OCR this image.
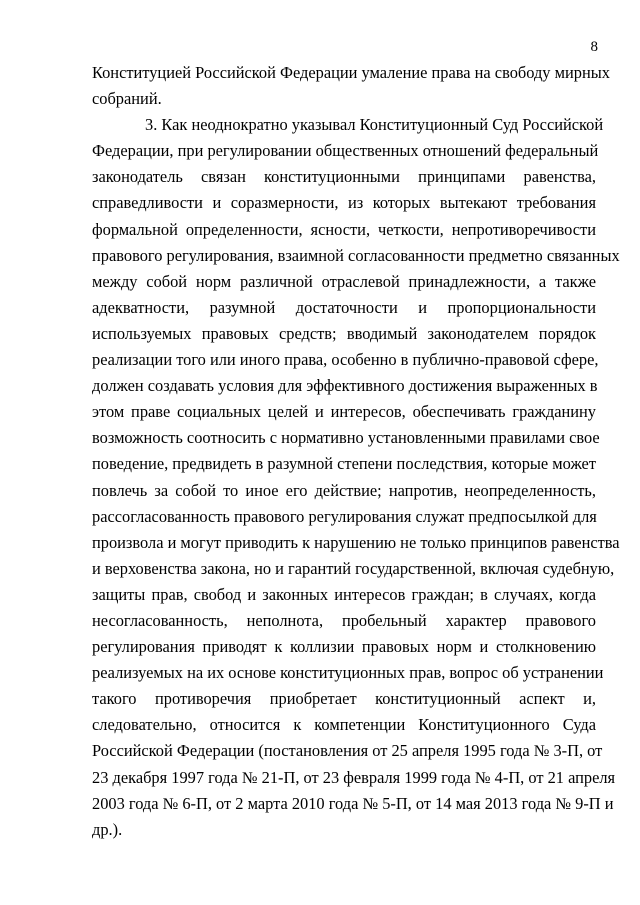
8
Конституцией Российской Федерации умаление права на свободу мирных
собраний.
3. Как неоднократно указывал Конституционный Суд Российской
Федерации, при регулировании общественных отношений федеральный
законодатель связан конституционными принципами равенства,
справедливости и соразмерности, из которых вытекают требования
формальной определенности, ясности, четкости, непротиворечивости
правового регулирования, взаимной согласованности предметно связанных
между собой норм различной отраслевой принадлежности, а также
адекватности, разумной достаточности и пропорциональности
используемых правовых средств; вводимый законодателем порядок
реализации того или иного права, особенно в публично-правовой сфере,
должен создавать условия для эффективного достижения выраженных в
этом праве социальных целей и интересов, обеспечивать гражданину
возможность соотносить с нормативно установленными правилами свое
поведение, предвидеть в разумной степени последствия, которые может
повлечь за собой то иное его действие; напротив, неопределенность,
рассогласованность правового регулирования служат предпосылкой для
произвола и могут приводить к нарушению не только принципов равенства
и верховенства закона, но и гарантий государственной, включая судебную,
защиты прав, свобод и законных интересов граждан; в случаях, когда
несогласованность, неполнота, пробельный характер правового
регулирования приводят к коллизии правовых норм и столкновению
реализуемых на их основе конституционных прав, вопрос об устранении
такого противоречия приобретает конституционный аспект и,
следовательно, относится к компетенции Конституционного Суда
Российской Федерации (постановления от 25 апреля 1995 года № 3-П, от
23 декабря 1997 года № 21-П, от 23 февраля 1999 года № 4-П, от 21 апреля
2003 года № 6-П, от 2 марта 2010 года № 5-П, от 14 мая 2013 года № 9-П и
др.).
